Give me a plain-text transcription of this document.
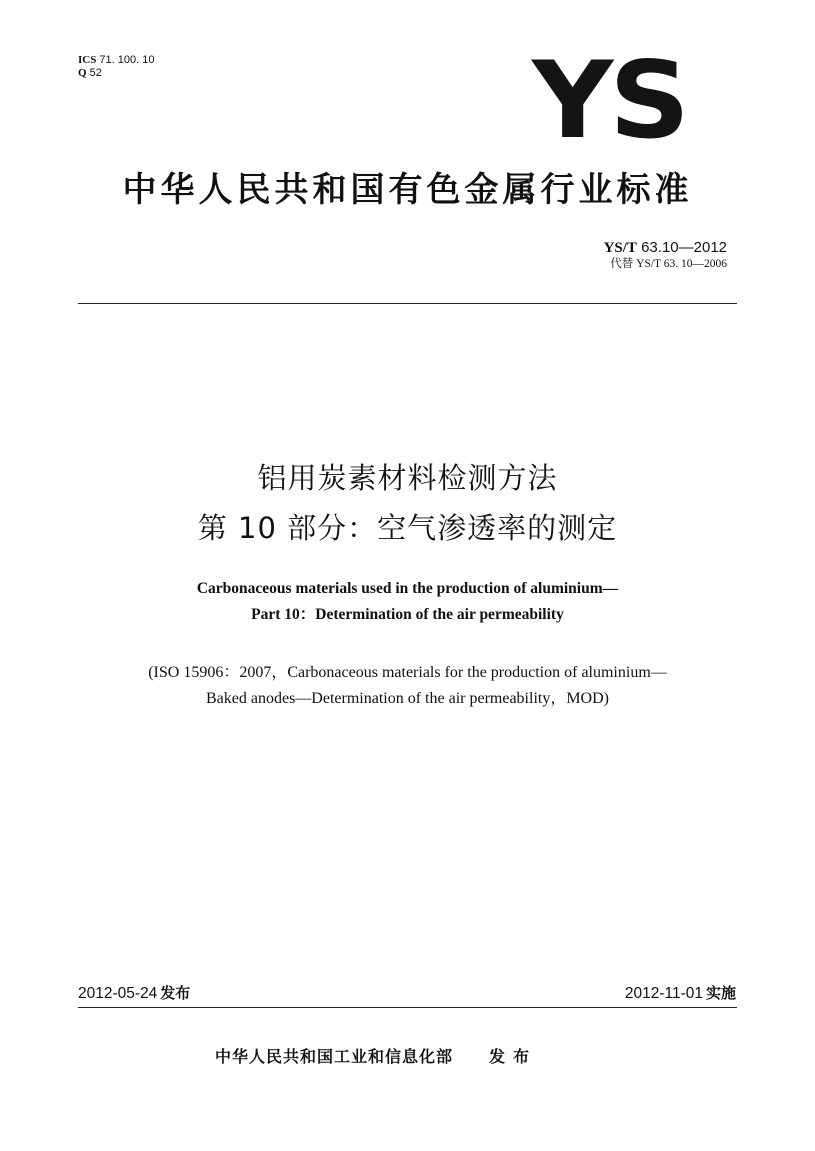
ICS 71. 100. 10
Q 52	YS
中华人民共和国有色金属行业标准
YS/T 63.10—2012
代替 YS/T 63. 10—2006
铝用炭素材料检测方法
第 10 部分：空气渗透率的测定
Carbonaceous materials used in the production of aluminium—
Part 10：Determination of the air permeability
(ISO 15906：2007，Carbonaceous materials for the production of aluminium—
Baked anodes—Determination of the air permeability，MOD)
2012-05-24 发布	2012-11-01 实施
中华人民共和国工业和信息化部 发布
